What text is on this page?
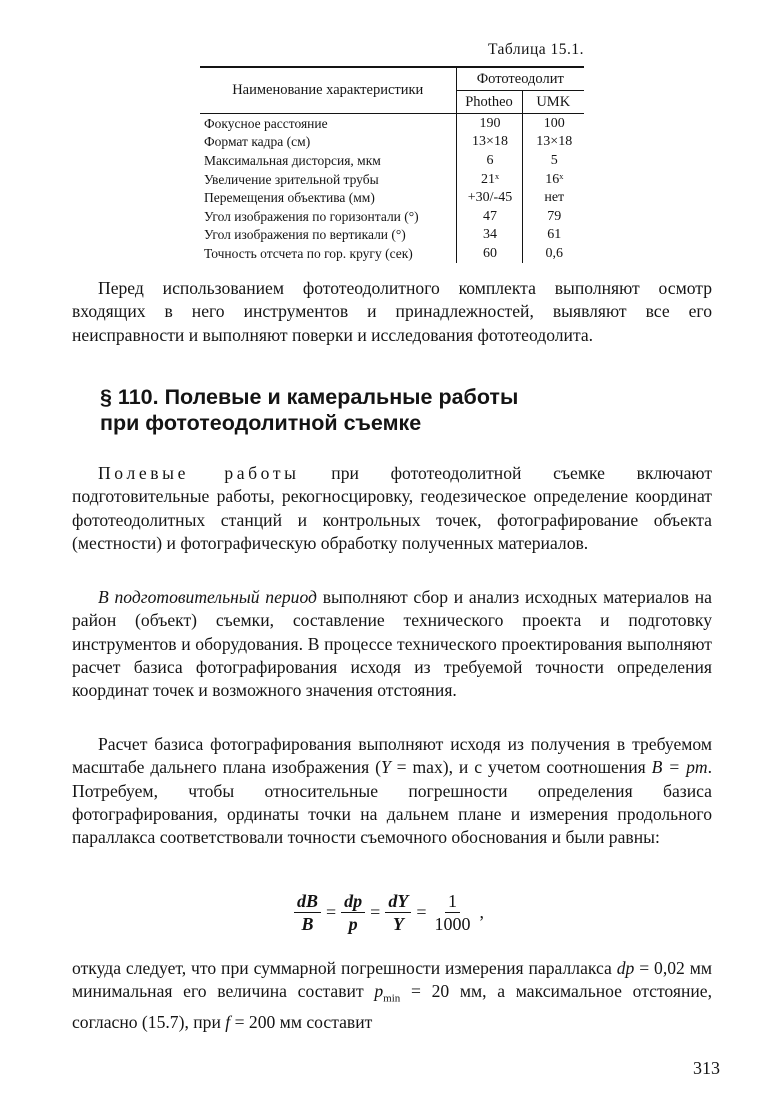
Таблица 15.1.
Наименование характеристики	Фототеодолит	
	Photheo	UMK
Фокусное расстояние	190	100
Формат кадра (см)	13×18	13×18
Максимальная дисторсия, мкм	6	5
Увеличение зрительной трубы	21ˣ	16ˣ
Перемещения объектива (мм)	+30/-45	нет
Угол изображения по горизонтали (°)	47	79
Угол изображения по вертикали (°)	34	61
Точность отсчета по гор. кругу (сек)	60	0,6

Перед использованием фототеодолитного комплекта выполняют осмотр входящих в него инструментов и принадлежностей, выявляют все его неисправности и выполняют поверки и исследования фототеодолита.

§ 110. Полевые и камеральные работы
при фототеодолитной съемке

Полевые работы при фототеодолитной съемке включают подготовительные работы, рекогносцировку, геодезическое определение координат фототеодолитных станций и контрольных точек, фотографирование объекта (местности) и фотографическую обработку полученных материалов.

В подготовительный период выполняют сбор и анализ исходных материалов на район (объект) съемки, составление технического проекта и подготовку инструментов и оборудования. В процессе технического проектирования выполняют расчет базиса фотографирования исходя из требуемой точности определения координат точек и возможного значения отстояния.

Расчет базиса фотографирования выполняют исходя из получения в требуемом масштабе дальнего плана изображения (Y = max), и с учетом соотношения B = pm. Потребуем, чтобы относительные погрешности определения базиса фотографирования, ординаты точки на дальнем плане и измерения продольного параллакса соответствовали точности съемочного обоснования и были равны:

$\frac{dB}{B} = \frac{dp}{p} = \frac{dY}{Y} = \frac{1}{1000}$ ,

откуда следует, что при суммарной погрешности измерения параллакса dp = 0,02 мм минимальная его величина составит $p_{min} = 20$ мм, а максимальное отстояние, согласно (15.7), при f = 200 мм составит

313
